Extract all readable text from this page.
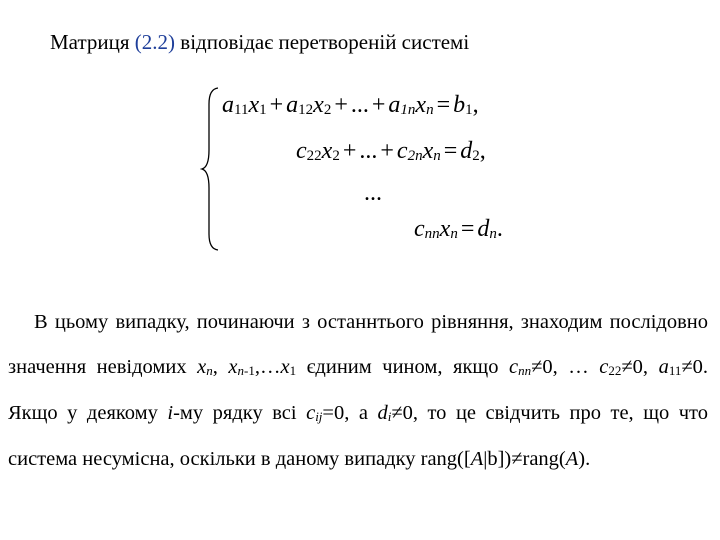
Матриця (2.2) відповідає перетвореній системі
$a_{11}x_1 + a_{12}x_2$ + ... + $a_{1n}x_n = b_1$,
$c_{22}x_2$ + ... + $c_{2n}x_n = d_2$,
...
$c_{nn}x_n = d_n$.

В цьому випадку, починаючи з останнтього рівняння, знаходим послідовно значення невідомих $x_n$, $x_{n-1},\dots x_1$ єдиним чином, якщо $c_{nn}\ne 0$, … $c_{22}\ne 0$, $a_{11}\ne 0$. Якщо у деякому i-му рядку всі $c_{ij}=0$, а $d_i\ne 0$, то це свідчить про те, що что система несумісна, оскільки в даному випадку rang([A|b])≠rang(A).
